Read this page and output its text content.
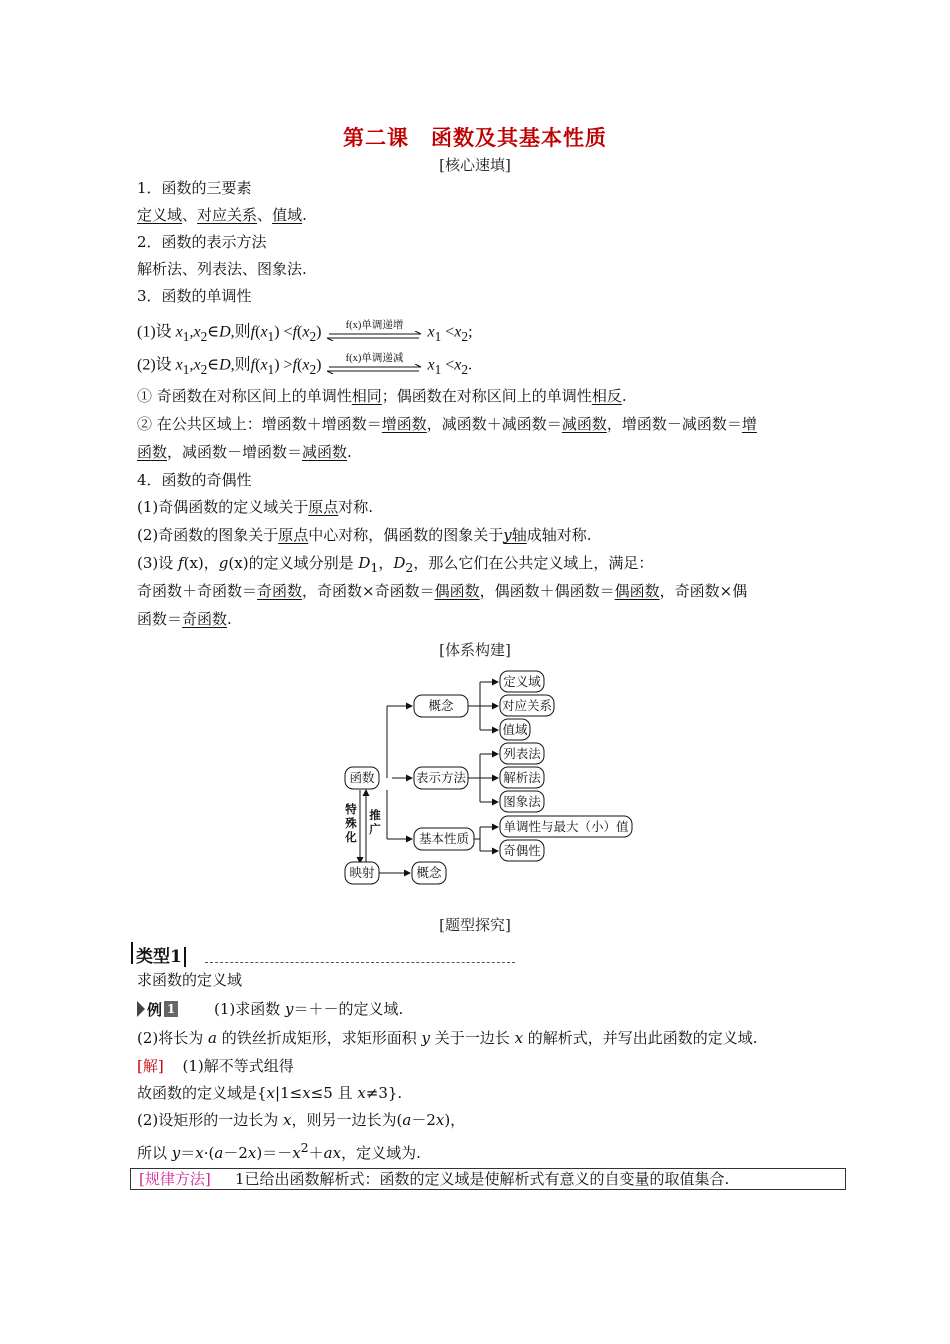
第二课　函数及其基本性质
[核心速填]
1．函数的三要素
定义域、对应关系、值域.
2．函数的表示方法
解析法、列表法、图象法.
3．函数的单调性
(1)设 $x_1,x_2\in D$,则$f(x_1) <f(x_2)$	f(x)单调递增	$x_1 <x_2$;
(2)设 $x_1,x_2\in D$,则$f(x_1) >f(x_2)$	f(x)单调递减	$x_1 <x_2$.
① 奇函数在对称区间上的单调性相同；偶函数在对称区间上的单调性相反.
② 在公共区域上：增函数＋增函数＝增函数，减函数＋减函数＝减函数，增函数－减函数＝增
函数，减函数－增函数＝减函数.
4．函数的奇偶性
(1)奇偶函数的定义域关于原点对称.
(2)奇函数的图象关于原点中心对称，偶函数的图象关于y轴成轴对称.
(3)设 f(x)，g(x)的定义域分别是 $D_1$，$D_2$，那么它们在公共定义域上，满足：
奇函数＋奇函数＝奇函数，奇函数×奇函数＝偶函数，偶函数＋偶函数＝偶函数，奇函数×偶
函数＝奇函数.
[体系构建]
函数
概念
表示方法
基本性质
定义域
对应关系
值域
列表法
解析法
图象法
单调性与最大（小）值
奇偶性
映射	概念
特
殊
化
推
广
[题型探究]
类型1
求函数的定义域
例 1	(1)求函数 y＝＋－的定义域.
(2)将长为 a 的铁丝折成矩形，求矩形面积 y 关于一边长 x 的解析式，并写出此函数的定义域.
[解] (1)解不等式组得
故函数的定义域是{x|1≤x≤5 且 x≠3}.
(2)设矩形的一边长为 x，则另一边长为(a－2x)，
所以 $y=x\cdot(a-2x)=-x^2+ax$，定义域为.
[规律方法] 1已给出函数解析式：函数的定义域是使解析式有意义的自变量的取值集合.
